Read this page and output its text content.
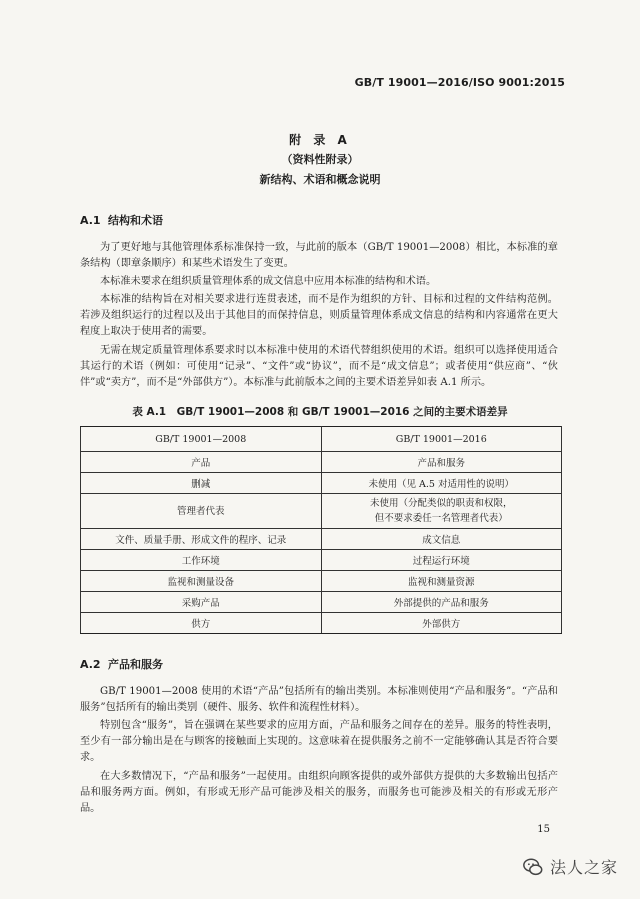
GB/T 19001—2016/ISO 9001:2015
附 录 A
（资料性附录）
新结构、术语和概念说明
A.1 结构和术语

为了更好地与其他管理体系标准保持一致，与此前的版本（GB/T 19001—2008）相比，本标准的章条结构（即章条顺序）和某些术语发生了变更。

本标准未要求在组织质量管理体系的成文信息中应用本标准的结构和术语。

本标准的结构旨在对相关要求进行连贯表述，而不是作为组织的方针、目标和过程的文件结构范例。若涉及组织运行的过程以及出于其他目的而保持信息，则质量管理体系成文信息的结构和内容通常在更大程度上取决于使用者的需要。

无需在规定质量管理体系要求时以本标准中使用的术语代替组织使用的术语。组织可以选择使用适合其运行的术语（例如：可使用“记录”、“文件”或“协议”，而不是“成文信息”；或者使用“供应商”、“伙伴”或“卖方”，而不是“外部供方”）。本标准与此前版本之间的主要术语差异如表 A.1 所示。

表 A.1　GB/T 19001—2008 和 GB/T 19001—2016 之间的主要术语差异
GB/T 19001—2008	GB/T 19001—2016
产品	产品和服务
删减	未使用（见 A.5 对适用性的说明）
管理者代表	未使用（分配类似的职责和权限，
但不要求委任一名管理者代表）
文件、质量手册、形成文件的程序、记录	成文信息
工作环境	过程运行环境
监视和测量设备	监视和测量资源
采购产品	外部提供的产品和服务
供方	外部供方
A.2 产品和服务

GB/T 19001—2008 使用的术语“产品”包括所有的输出类别。本标准则使用“产品和服务”。“产品和服务”包括所有的输出类别（硬件、服务、软件和流程性材料）。

特别包含“服务”，旨在强调在某些要求的应用方面，产品和服务之间存在的差异。服务的特性表明，至少有一部分输出是在与顾客的接触面上实现的。这意味着在提供服务之前不一定能够确认其是否符合要求。

在大多数情况下，“产品和服务”一起使用。由组织向顾客提供的或外部供方提供的大多数输出包括产品和服务两方面。例如，有形或无形产品可能涉及相关的服务，而服务也可能涉及相关的有形或无形产品。

15
法人之家
